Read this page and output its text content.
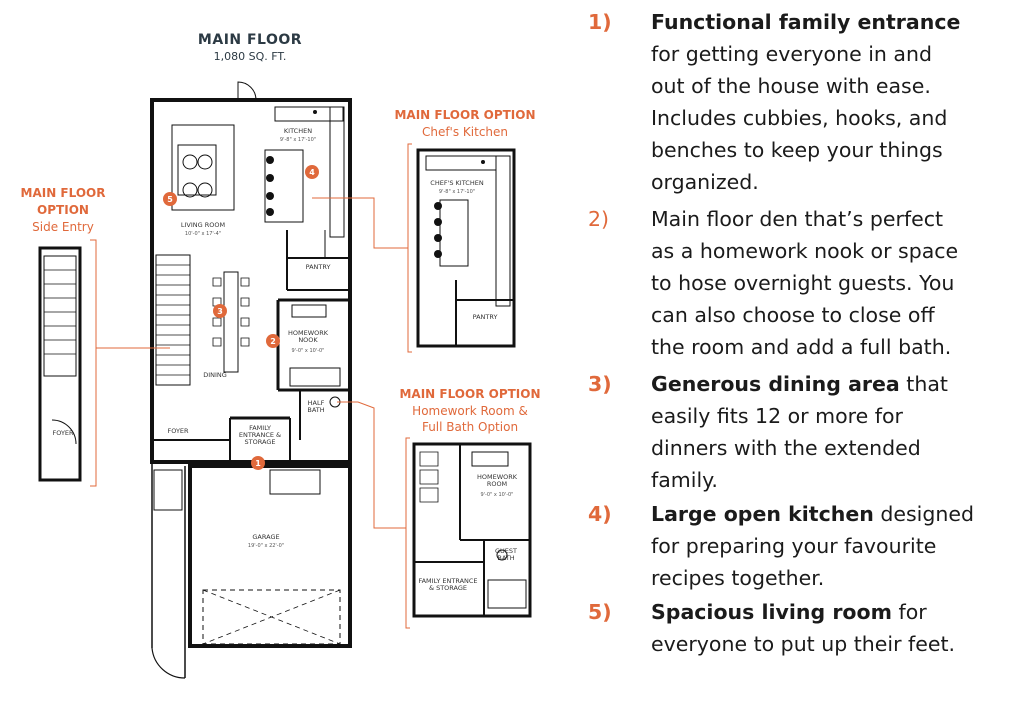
MAIN FLOOR
1,080 SQ. FT.
KITCHEN
9'-8" x 17'-10"
LIVING ROOM
10'-0" x 17'-4"
PANTRY
HOMEWORK NOOK
9'-0" x 10'-0"
DINING
HALF BATH
FOYER	FAMILY ENTRANCE & STORAGE
GARAGE
19'-0" x 22'-0"
1
2
3
4
5
MAIN FLOOR
OPTION
Side Entry
FOYER
MAIN FLOOR OPTION
Chef's Kitchen
CHEF'S KITCHEN
9'-8" x 17'-10"
PANTRY
MAIN FLOOR OPTION
Homework Room &
Full Bath Option
HOMEWORK ROOM
9'-0" x 10'-0"
GUEST BATH
FAMILY ENTRANCE & STORAGE
1) Functional family entrance
for getting everyone in and
out of the house with ease.
Includes cubbies, hooks, and
benches to keep your things
organized.
2) Main floor den that’s perfect
as a homework nook or space
to hose overnight guests. You
can also choose to close off
the room and add a full bath.
3) Generous dining area that
easily fits 12 or more for
dinners with the extended
family.
4) Large open kitchen designed
for preparing your favourite
recipes together.
5) Spacious living room for
everyone to put up their feet.
